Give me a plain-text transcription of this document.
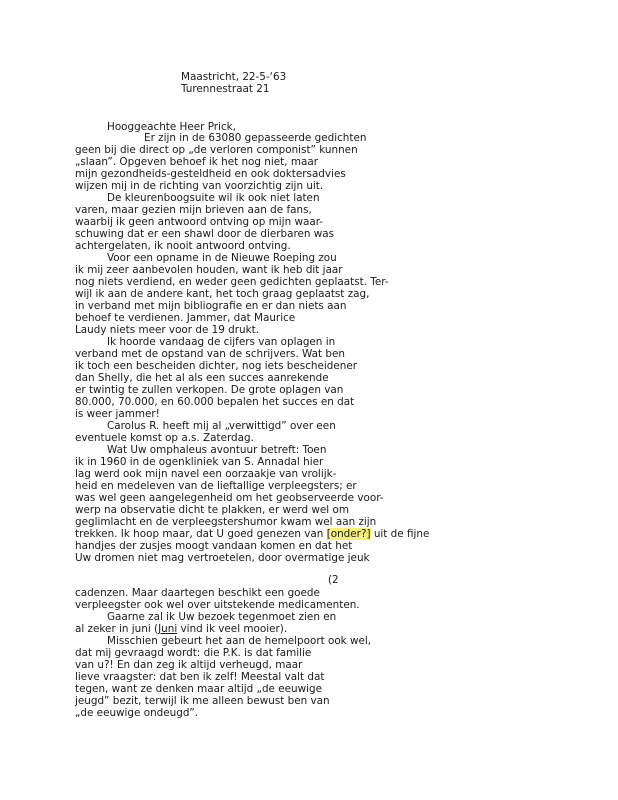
Maastricht, 22-5-‘63
Turennestraat 21
Hooggeachte Heer Prick,
Er zijn in de 63080 gepasseerde gedichten
geen bij die direct op „de verloren componist” kunnen
„slaan”. Opgeven behoef ik het nog niet, maar
mijn gezondheids-gesteldheid en ook doktersadvies
wijzen mij in de richting van voorzichtig zijn uit.
De kleurenboogsuite wil ik ook niet laten
varen, maar gezien mijn brieven aan de fans,
waarbij ik geen antwoord ontving op mijn waar-
schuwing dat er een shawl door de dierbaren was
achtergelaten, ik nooit antwoord ontving.
Voor een opname in de Nieuwe Roeping zou
ik mij zeer aanbevolen houden, want ik heb dit jaar
nog niets verdiend, en weder geen gedichten geplaatst. Ter-
wijl ik aan de andere kant, het toch graag geplaatst zag,
in verband met mijn bibliografie en er dan niets aan
behoef te verdienen. Jammer, dat Maurice
Laudy niets meer voor de 19 drukt.
Ik hoorde vandaag de cijfers van oplagen in
verband met de opstand van de schrijvers. Wat ben
ik toch een bescheiden dichter, nog iets bescheidener
dan Shelly, die het al als een succes aanrekende
er twintig te zullen verkopen. De grote oplagen van
80.000, 70.000, en 60.000 bepalen het succes en dat
is weer jammer!
Carolus R. heeft mij al „verwittigd” over een
eventuele komst op a.s. Zaterdag.
Wat Uw omphaleus avontuur betreft: Toen
ik in 1960 in de ogenkliniek van S. Annadal hier
lag werd ook mijn navel een oorzaakje van vrolijk-
heid en medeleven van de lieftallige verpleegsters; er
was wel geen aangelegenheid om het geobserveerde voor-
werp na observatie dicht te plakken, er werd wel om
geglimlacht en de verpleegstershumor kwam wel aan zijn
trekken. Ik hoop maar, dat U goed genezen van [onder?] uit de fijne
handjes der zusjes moogt vandaan komen en dat het
Uw dromen niet mag vertroetelen, door overmatige jeuk
(2
cadenzen. Maar daartegen beschikt een goede
verpleegster ook wel over uitstekende medicamenten.
Gaarne zal ik Uw bezoek tegenmoet zien en
al zeker in juni (Juni vind ik veel mooier).
Misschien gebeurt het aan de hemelpoort ook wel,
dat mij gevraagd wordt: die P.K. is dat familie
van u?! En dan zeg ik altijd verheugd, maar
lieve vraagster: dat ben ik zelf! Meestal valt dat
tegen, want ze denken maar altijd „de eeuwige
jeugd” bezit, terwijl ik me alleen bewust ben van
„de eeuwige ondeugd”.
